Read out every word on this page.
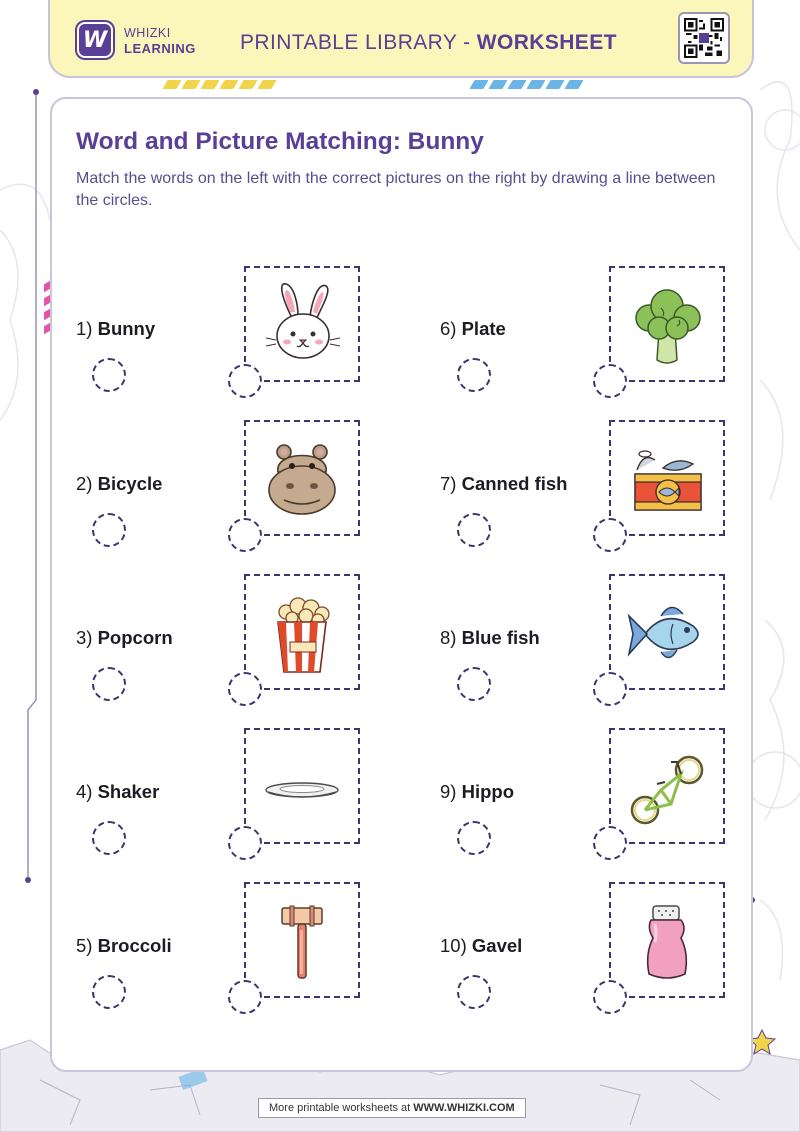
W	WHIZKI
LEARNING PRINTABLE LIBRARY - WORKSHEET
Word and Picture Matching: Bunny
Match the words on the left with the correct pictures on the right by drawing a line between the circles.
1) Bunny
2) Bicycle
3) Popcorn
4) Shaker
5) Broccoli
6) Plate
7) Canned fish
8) Blue fish
9) Hippo
10) Gavel
More printable worksheets at WWW.WHIZKI.COM
